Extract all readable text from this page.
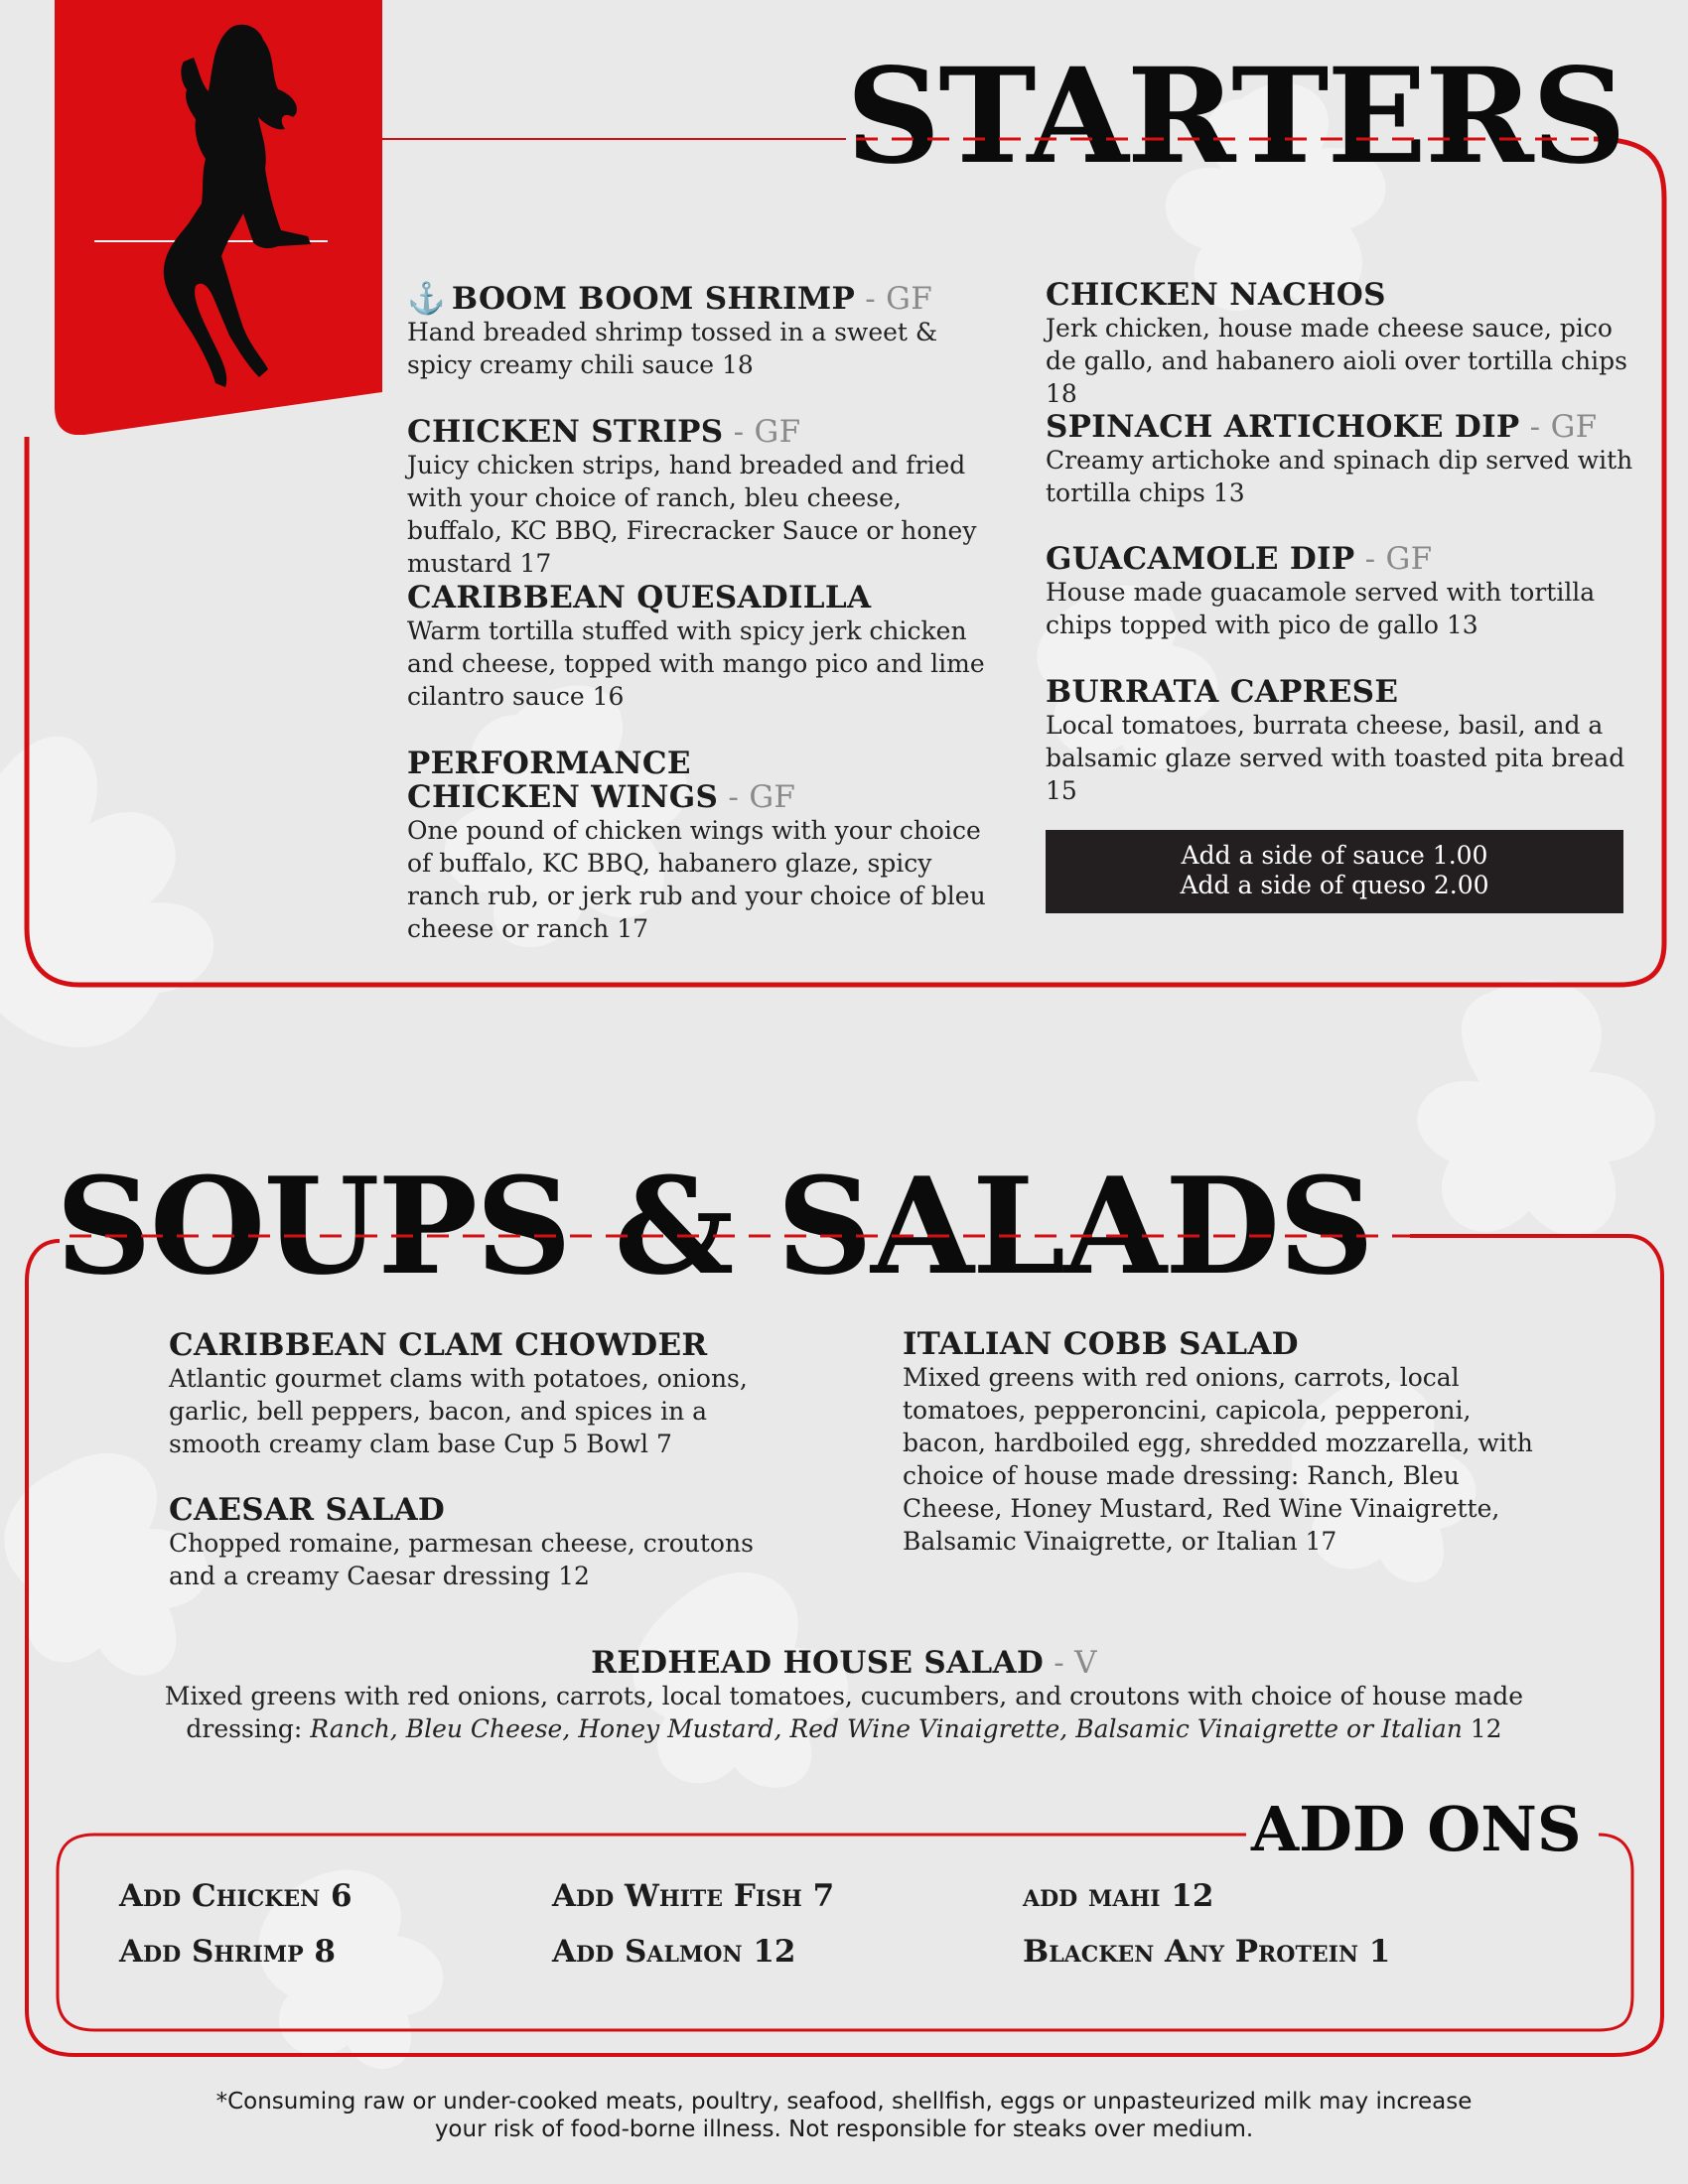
STARTERS
SOUPS & SALADS
ADD ONS
⚓ BOOM BOOM SHRIMP - GF
Hand breaded shrimp tossed in a sweet & spicy creamy chili sauce 18
CHICKEN STRIPS - GF
Juicy chicken strips, hand breaded and fried with your choice of ranch, bleu cheese, buffalo, KC BBQ, Firecracker Sauce or honey mustard 17
CARIBBEAN QUESADILLA
Warm tortilla stuffed with spicy jerk chicken and cheese, topped with mango pico and lime cilantro sauce 16
PERFORMANCE CHICKEN WINGS - GF
One pound of chicken wings with your choice of buffalo, KC BBQ, habanero glaze, spicy ranch rub, or jerk rub and your choice of bleu cheese or ranch 17
CHICKEN NACHOS
Jerk chicken, house made cheese sauce, pico de gallo, and habanero aioli over tortilla chips 18
SPINACH ARTICHOKE DIP - GF
Creamy artichoke and spinach dip served with tortilla chips 13
GUACAMOLE DIP - GF
House made guacamole served with tortilla chips topped with pico de gallo 13
BURRATA CAPRESE
Local tomatoes, burrata cheese, basil, and a balsamic glaze served with toasted pita bread 15
Add a side of sauce 1.00
Add a side of queso 2.00
CARIBBEAN CLAM CHOWDER
Atlantic gourmet clams with potatoes, onions, garlic, bell peppers, bacon, and spices in a smooth creamy clam base Cup 5 Bowl 7
CAESAR SALAD
Chopped romaine, parmesan cheese, croutons and a creamy Caesar dressing 12
ITALIAN COBB SALAD
Mixed greens with red onions, carrots, local tomatoes, pepperoncini, capicola, pepperoni, bacon, hardboiled egg, shredded mozzarella, with choice of house made dressing: Ranch, Bleu Cheese, Honey Mustard, Red Wine Vinaigrette, Balsamic Vinaigrette, or Italian 17
REDHEAD HOUSE SALAD - V
Mixed greens with red onions, carrots, local tomatoes, cucumbers, and croutons with choice of house made dressing: Ranch, Bleu Cheese, Honey Mustard, Red Wine Vinaigrette, Balsamic Vinaigrette or Italian 12
Add Chicken 6	Add White Fish 7	add mahi 12
Add Shrimp 8	Add Salmon 12	Blacken Any Protein 1
*Consuming raw or under-cooked meats, poultry, seafood, shellfish, eggs or unpasteurized milk may increase
your risk of food-borne illness. Not responsible for steaks over medium.
